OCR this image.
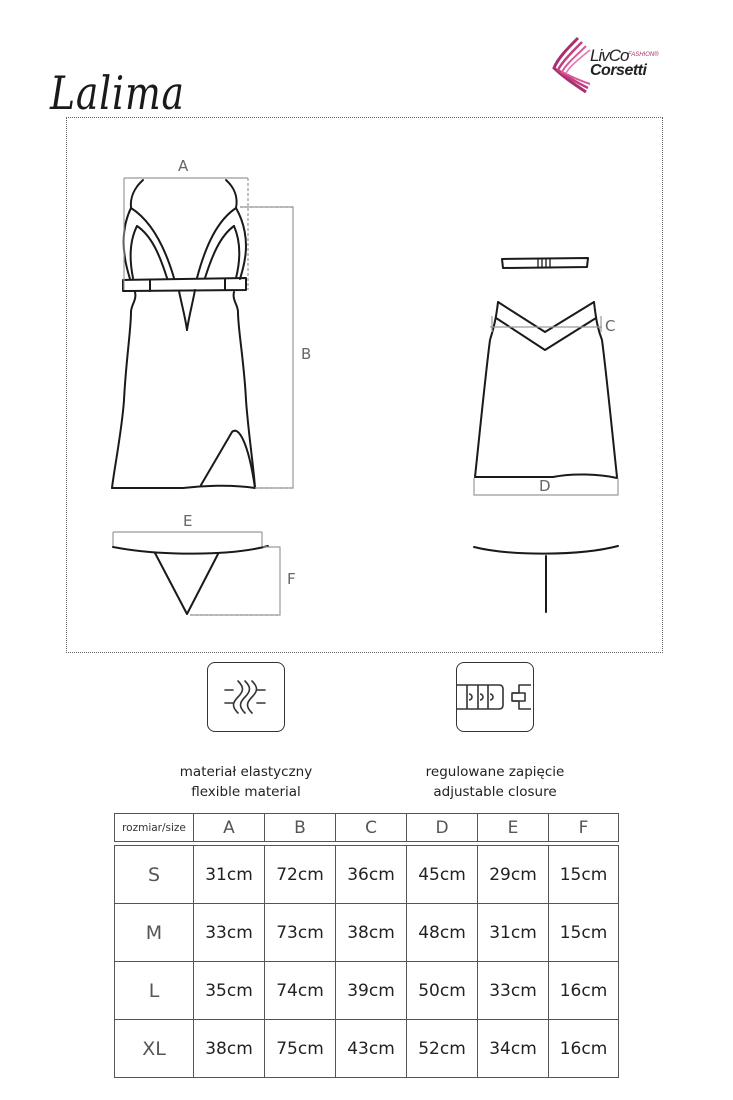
Lalima
LivCo FASHION®
Corsetti
A
B
C
D
E
F
materiał elastyczny
flexible material
regulowane zapięcie
adjustable closure
rozmiar/size	A	B	C	D	E	F
S	31cm	72cm	36cm	45cm	29cm	15cm
M	33cm	73cm	38cm	48cm	31cm	15cm
L	35cm	74cm	39cm	50cm	33cm	16cm
XL	38cm	75cm	43cm	52cm	34cm	16cm
